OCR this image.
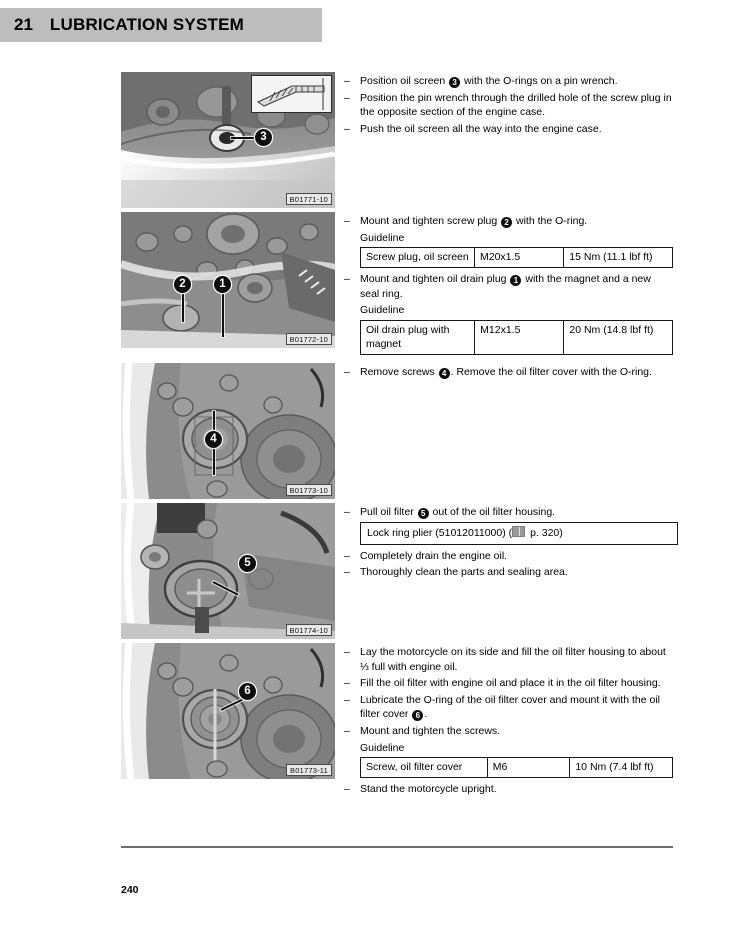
21 LUBRICATION SYSTEM
3
B01771-10
– Position oil screen 3 with the O-rings on a pin wrench.
– Position the pin wrench through the drilled hole of the screw plug in the opposite section of the engine case.
– Push the oil screen all the way into the engine case.
2	1
B01772-10
– Mount and tighten screw plug 2 with the O-ring.
Guideline
Screw plug, oil screen	M20x1.5	15 Nm (11.1 lbf ft)
– Mount and tighten oil drain plug 1 with the magnet and a new seal ring.
Guideline
Oil drain plug with magnet	M12x1.5	20 Nm (14.8 lbf ft)
4
B01773-10
– Remove screws 4 . Remove the oil filter cover with the O-ring.
5
B01774-10
– Pull oil filter 5 out of the oil filter housing.
Lock ring plier (51012011000) ( p. 320)
– Completely drain the engine oil.
– Thoroughly clean the parts and sealing area.
6
B01773-11
– Lay the motorcycle on its side and fill the oil filter housing to about ⅓ full with engine oil.
– Fill the oil filter with engine oil and place it in the oil filter housing.
– Lubricate the O-ring of the oil filter cover and mount it with the oil filter cover 6 .
– Mount and tighten the screws.
Guideline
Screw, oil filter cover	M6	10 Nm (7.4 lbf ft)
– Stand the motorcycle upright.
240
